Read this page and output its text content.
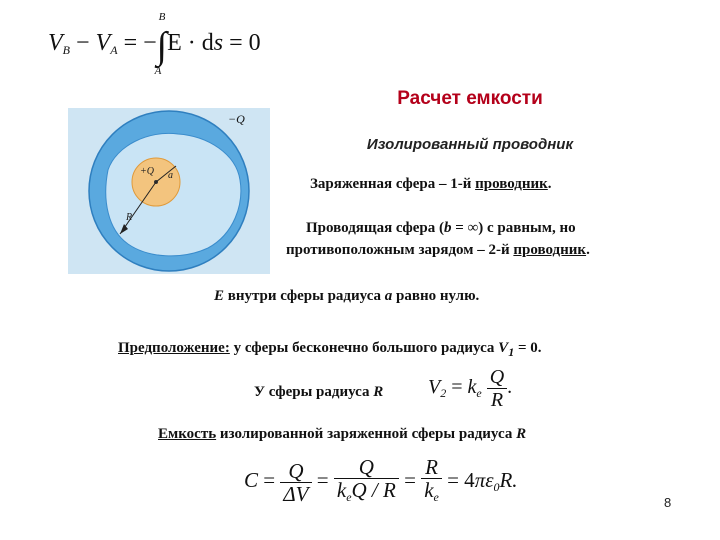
$V_B - V_A$ = −∫
B
A
E · ds = 0
+Q a
R
−Q
Расчет емкости
Изолированный проводник
Заряженная сфера – 1-й проводник.
Проводящая сфера (b = ∞) с равным, но
противоположным зарядом – 2-й проводник.
E внутри сферы радиуса a равно нулю.
Предположение: у сферы бесконечно большого радиуса $V_1 = 0$.
У сферы радиуса R $V_2 = k_e \frac{Q}{R}$ .
Емкость изолированной заряженной сферы радиуса R
$C = \frac{Q}{\Delta V} = \frac{Q}{k_eQ / R} = \frac{R}{k_e} = 4\pi\varepsilon_0R$.
8
